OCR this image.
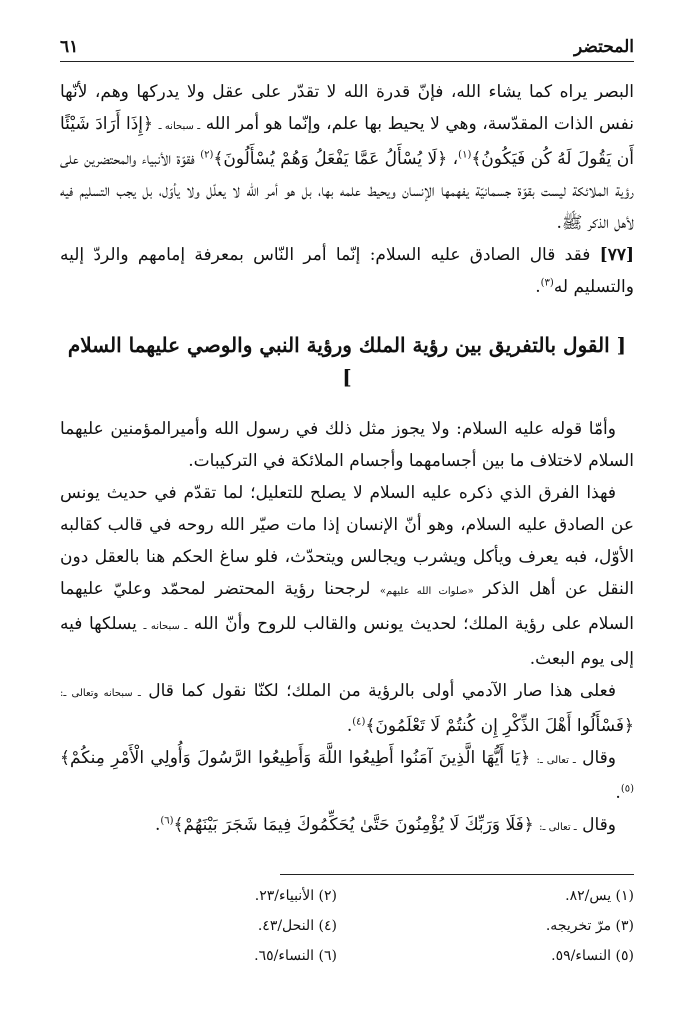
المحتضر
٦١

البصر يراه كما يشاء الله، فإنّ قدرة الله لا تقدّر على عقل ولا يدركها وهم، لأنّها نفس الذات المقدّسة، وهي لا يحيط بها علم، وإنّما هو أمر الله ـ سبحانه ـ ﴿إِذَا أَرَادَ شَيْئًا أَن يَقُولَ لَهُ كُن فَيَكُونُ﴾$^{(١)}$، ﴿لَا يُسْأَلُ عَمَّا يَفْعَلُ وَهُمْ يُسْأَلُونَ﴾$^{(٢)}$ فقوّة الأنبياء والمحتضرين على رؤية الملائكة ليست بقوّة جسمانيّة يفهمها الإنسان ويحيط علمه بها، بل هو أمر الله لا يعلّل ولا يأوّل، بل يجب التسليم فيه لأهل الذكر ﷺ.

[٧٧] فقد قال الصادق عليه السلام: إنّما أمر النّاس بمعرفة إمامهم والردّ إليه والتسليم له$^{(٣)}$.

[ القول بالتفريق بين رؤية الملك ورؤية النبي والوصي عليهما السلام ]

وأمّا قوله عليه السلام: ولا يجوز مثل ذلك في رسول الله وأميرالمؤمنين عليهما السلام لاختلاف ما بين أجسامهما وأجسام الملائكة في التركيبات.

فهذا الفرق الذي ذكره عليه السلام لا يصلح للتعليل؛ لما تقدّم في حديث يونس عن الصادق عليه السلام، وهو أنّ الإنسان إذا مات صيّر الله روحه في قالب كقالبه الأوّل، فبه يعرف ويأكل ويشرب ويجالس ويتحدّث، فلو ساغ الحكم هنا بالعقل دون النقل عن أهل الذكر «صلوات الله عليهم» لرجحنا رؤية المحتضر لمحمّد وعليّ عليهما السلام على رؤية الملك؛ لحديث يونس والقالب للروح وأنّ الله ـ سبحانه ـ يسلكها فيه إلى يوم البعث.

فعلى هذا صار الآدمي أولى بالرؤية من الملك؛ لكنّا نقول كما قال ـ سبحانه وتعالى ـ: ﴿فَسْأَلُوا أَهْلَ الذِّكْرِ إِن كُنتُمْ لَا تَعْلَمُونَ﴾$^{(٤)}$.

وقال ـ تعالى ـ: ﴿يَا أَيُّهَا الَّذِينَ آمَنُوا أَطِيعُوا اللَّهَ وَأَطِيعُوا الرَّسُولَ وَأُولِي الْأَمْرِ مِنكُمْ﴾$^{(٥)}$.

وقال ـ تعالى ـ: ﴿فَلَا وَرَبِّكَ لَا يُؤْمِنُونَ حَتَّىٰ يُحَكِّمُوكَ فِيمَا شَجَرَ بَيْنَهُمْ﴾$^{(٦)}$.

(١) يس/٨٢.
(٢) الأنبياء/٢٣.
(٣) مرّ تخريجه.
(٤) النحل/٤٣.
(٥) النساء/٥٩.
(٦) النساء/٦٥.
